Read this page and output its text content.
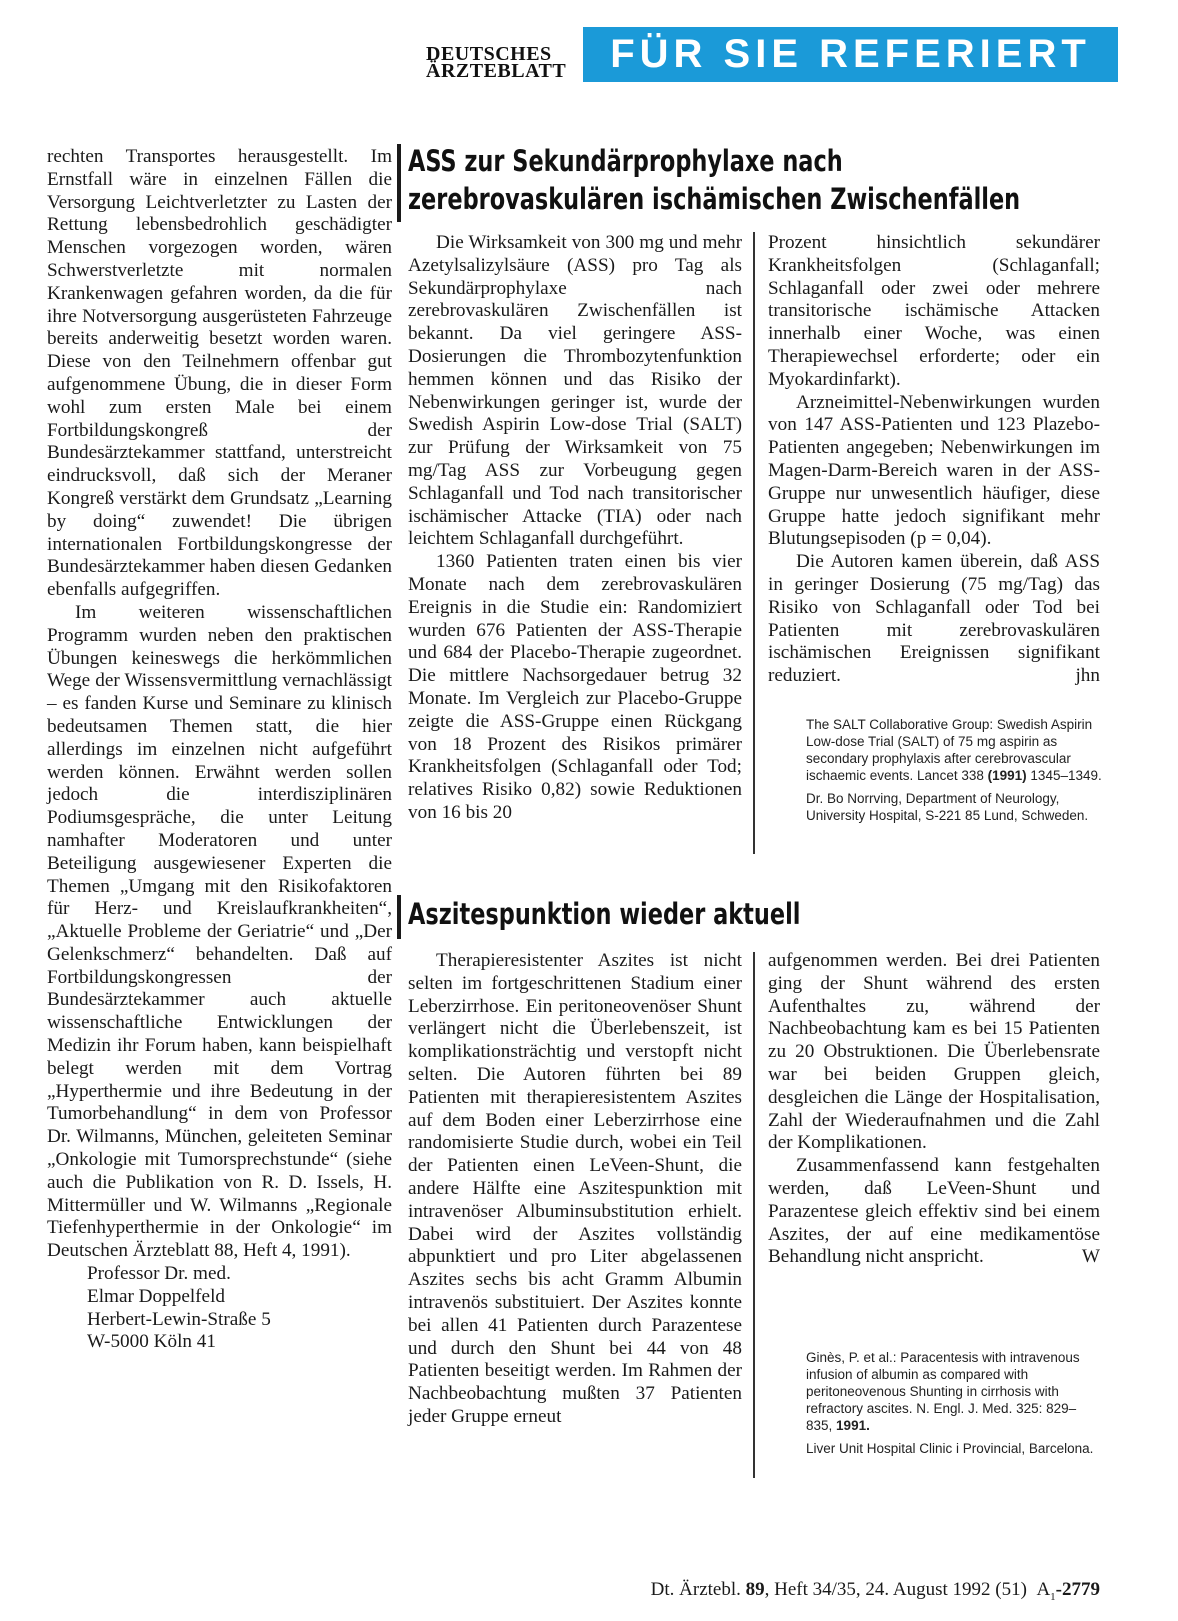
DEUTSCHES
ÄRZTEBLATT	FÜR SIE REFERIERT

rechten Transportes herausgestellt. Im Ernstfall wäre in einzelnen Fällen die Versorgung Leichtverletzter zu Lasten der Rettung lebensbedrohlich geschädigter Menschen vorgezogen worden, wären Schwerstverletzte mit normalen Krankenwagen gefahren worden, da die für ihre Notversorgung ausgerüsteten Fahrzeuge bereits anderweitig besetzt worden waren. Diese von den Teilnehmern offenbar gut aufgenommene Übung, die in dieser Form wohl zum ersten Male bei einem Fortbildungskongreß der Bundesärztekammer stattfand, unterstreicht eindrucksvoll, daß sich der Meraner Kongreß verstärkt dem Grundsatz „Learning by doing“ zuwendet! Die übrigen internationalen Fortbildungskongresse der Bundesärztekammer haben diesen Gedanken ebenfalls aufgegriffen.

Im weiteren wissenschaftlichen Programm wurden neben den praktischen Übungen keineswegs die herkömmlichen Wege der Wissensvermittlung vernachlässigt – es fanden Kurse und Seminare zu klinisch bedeutsamen Themen statt, die hier allerdings im einzelnen nicht aufgeführt werden können. Erwähnt werden sollen jedoch die interdisziplinären Podiumsgespräche, die unter Leitung namhafter Moderatoren und unter Beteiligung ausgewiesener Experten die Themen „Umgang mit den Risikofaktoren für Herz- und Kreislaufkrankheiten“, „Aktuelle Probleme der Geriatrie“ und „Der Gelenkschmerz“ behandelten. Daß auf Fortbildungskongressen der Bundesärztekammer auch aktuelle wissenschaftliche Entwicklungen der Medizin ihr Forum haben, kann beispielhaft belegt werden mit dem Vortrag „Hyperthermie und ihre Bedeutung in der Tumorbehandlung“ in dem von Professor Dr. Wilmanns, München, geleiteten Seminar „Onkologie mit Tumorsprechstunde“ (siehe auch die Publikation von R. D. Issels, H. Mittermüller und W. Wilmanns „Regionale Tiefenhyperthermie in der Onkologie“ im Deutschen Ärzteblatt 88, Heft 4, 1991).

Professor Dr. med.
Elmar Doppelfeld
Herbert-Lewin-Straße 5
W-5000 Köln 41
ASS zur Sekundärprophylaxe nach
zerebrovaskulären ischämischen Zwischenfällen

Die Wirksamkeit von 300 mg und mehr Azetylsalizylsäure (ASS) pro Tag als Sekundärprophylaxe nach zerebrovaskulären Zwischenfällen ist bekannt. Da viel geringere ASS-Dosierungen die Thrombozytenfunktion hemmen können und das Risiko der Nebenwirkungen geringer ist, wurde der Swedish Aspirin Low-dose Trial (SALT) zur Prüfung der Wirksamkeit von 75 mg/Tag ASS zur Vorbeugung gegen Schlaganfall und Tod nach transitorischer ischämischer Attacke (TIA) oder nach leichtem Schlaganfall durchgeführt.

1360 Patienten traten einen bis vier Monate nach dem zerebrovaskulären Ereignis in die Studie ein: Randomiziert wurden 676 Patienten der ASS-Therapie und 684 der Placebo-Therapie zugeordnet. Die mittlere Nachsorgedauer betrug 32 Monate. Im Vergleich zur Placebo-Gruppe zeigte die ASS-Gruppe einen Rückgang von 18 Prozent des Risikos primärer Krankheitsfolgen (Schlaganfall oder Tod; relatives Risiko 0,82) sowie Reduktionen von 16 bis 20

Prozent hinsichtlich sekundärer Krankheitsfolgen (Schlaganfall; Schlaganfall oder zwei oder mehrere transitorische ischämische Attacken innerhalb einer Woche, was einen Therapiewechsel erforderte; oder ein Myokardinfarkt).

Arzneimittel-Nebenwirkungen wurden von 147 ASS-Patienten und 123 Plazebo-Patienten angegeben; Nebenwirkungen im Magen-Darm-Bereich waren in der ASS-Gruppe nur unwesentlich häufiger, diese Gruppe hatte jedoch signifikant mehr Blutungsepisoden (p = 0,04).

Die Autoren kamen überein, daß ASS in geringer Dosierung (75 mg/Tag) das Risiko von Schlaganfall oder Tod bei Patienten mit zerebrovaskulären ischämischen Ereignissen signifikant reduziert.	jhn

The SALT Collaborative Group: Swedish Aspirin Low-dose Trial (SALT) of 75 mg aspirin as secondary prophylaxis after cerebrovascular ischaemic events. Lancet 338 (1991) 1345–1349.

Dr. Bo Norrving, Department of Neurology, University Hospital, S-221 85 Lund, Schweden.

Aszitespunktion wieder aktuell

Therapieresistenter Aszites ist nicht selten im fortgeschrittenen Stadium einer Leberzirrhose. Ein peritoneovenöser Shunt verlängert nicht die Überlebenszeit, ist komplikationsträchtig und verstopft nicht selten. Die Autoren führten bei 89 Patienten mit therapieresistentem Aszites auf dem Boden einer Leberzirrhose eine randomisierte Studie durch, wobei ein Teil der Patienten einen LeVeen-Shunt, die andere Hälfte eine Aszitespunktion mit intravenöser Albuminsubstitution erhielt. Dabei wird der Aszites vollständig abpunktiert und pro Liter abgelassenen Aszites sechs bis acht Gramm Albumin intravenös substituiert. Der Aszites konnte bei allen 41 Patienten durch Parazentese und durch den Shunt bei 44 von 48 Patienten beseitigt werden. Im Rahmen der Nachbeobachtung mußten 37 Patienten jeder Gruppe erneut

aufgenommen werden. Bei drei Patienten ging der Shunt während des ersten Aufenthaltes zu, während der Nachbeobachtung kam es bei 15 Patienten zu 20 Obstruktionen. Die Überlebensrate war bei beiden Gruppen gleich, desgleichen die Länge der Hospitalisation, Zahl der Wiederaufnahmen und die Zahl der Komplikationen.

Zusammenfassend kann festgehalten werden, daß LeVeen-Shunt und Parazentese gleich effektiv sind bei einem Aszites, der auf eine medikamentöse Behandlung nicht anspricht.	W

Ginès, P. et al.: Paracentesis with intravenous infusion of albumin as compared with peritoneovenous Shunting in cirrhosis with refractory ascites. N. Engl. J. Med. 325: 829–835, 1991.

Liver Unit Hospital Clinic i Provincial, Barcelona.

Dt. Ärztebl. 89, Heft 34/35, 24. August 1992 (51) $A_1-2779$
